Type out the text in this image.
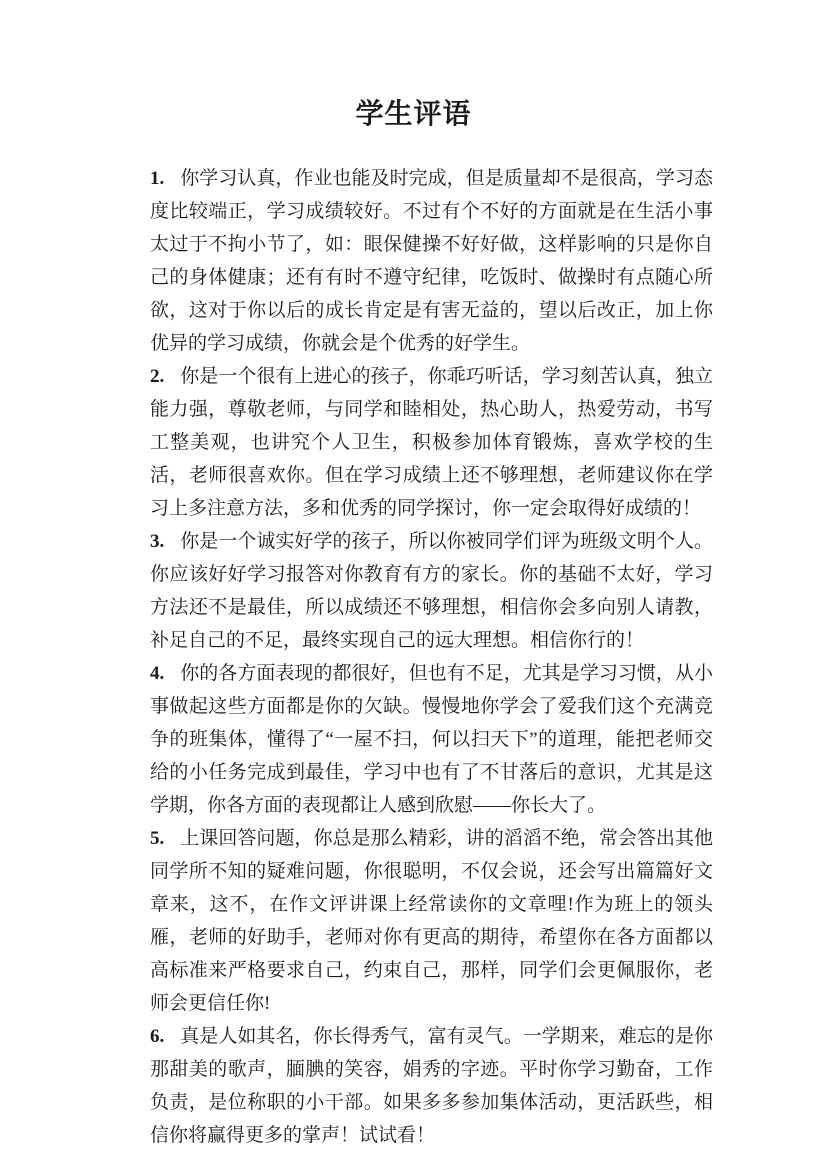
学生评语

1. 你学习认真，作业也能及时完成，但是质量却不是很高，学习态度比较端正，学习成绩较好。不过有个不好的方面就是在生活小事太过于不拘小节了，如：眼保健操不好好做，这样影响的只是你自己的身体健康；还有有时不遵守纪律，吃饭时、做操时有点随心所欲，这对于你以后的成长肯定是有害无益的，望以后改正，加上你优异的学习成绩，你就会是个优秀的好学生。

2. 你是一个很有上进心的孩子，你乖巧听话，学习刻苦认真，独立能力强，尊敬老师，与同学和睦相处，热心助人，热爱劳动，书写工整美观，也讲究个人卫生，积极参加体育锻炼，喜欢学校的生活，老师很喜欢你。但在学习成绩上还不够理想，老师建议你在学习上多注意方法，多和优秀的同学探讨，你一定会取得好成绩的！

3. 你是一个诚实好学的孩子，所以你被同学们评为班级文明个人。你应该好好学习报答对你教育有方的家长。你的基础不太好，学习方法还不是最佳，所以成绩还不够理想，相信你会多向别人请教，补足自己的不足，最终实现自己的远大理想。相信你行的！

4. 你的各方面表现的都很好，但也有不足，尤其是学习习惯，从小事做起这些方面都是你的欠缺。慢慢地你学会了爱我们这个充满竞争的班集体，懂得了“一屋不扫，何以扫天下”的道理，能把老师交给的小任务完成到最佳，学习中也有了不甘落后的意识，尤其是这学期，你各方面的表现都让人感到欣慰——你长大了。

5. 上课回答问题，你总是那么精彩，讲的滔滔不绝，常会答出其他同学所不知的疑难问题，你很聪明，不仅会说，还会写出篇篇好文章来，这不，在作文评讲课上经常读你的文章哩!作为班上的领头雁，老师的好助手，老师对你有更高的期待，希望你在各方面都以高标准来严格要求自己，约束自己，那样，同学们会更佩服你，老师会更信任你!

6. 真是人如其名，你长得秀气，富有灵气。一学期来，难忘的是你那甜美的歌声，腼腆的笑容，娟秀的字迹。平时你学习勤奋，工作负责，是位称职的小干部。如果多多参加集体活动，更活跃些，相信你将赢得更多的掌声！试试看！
